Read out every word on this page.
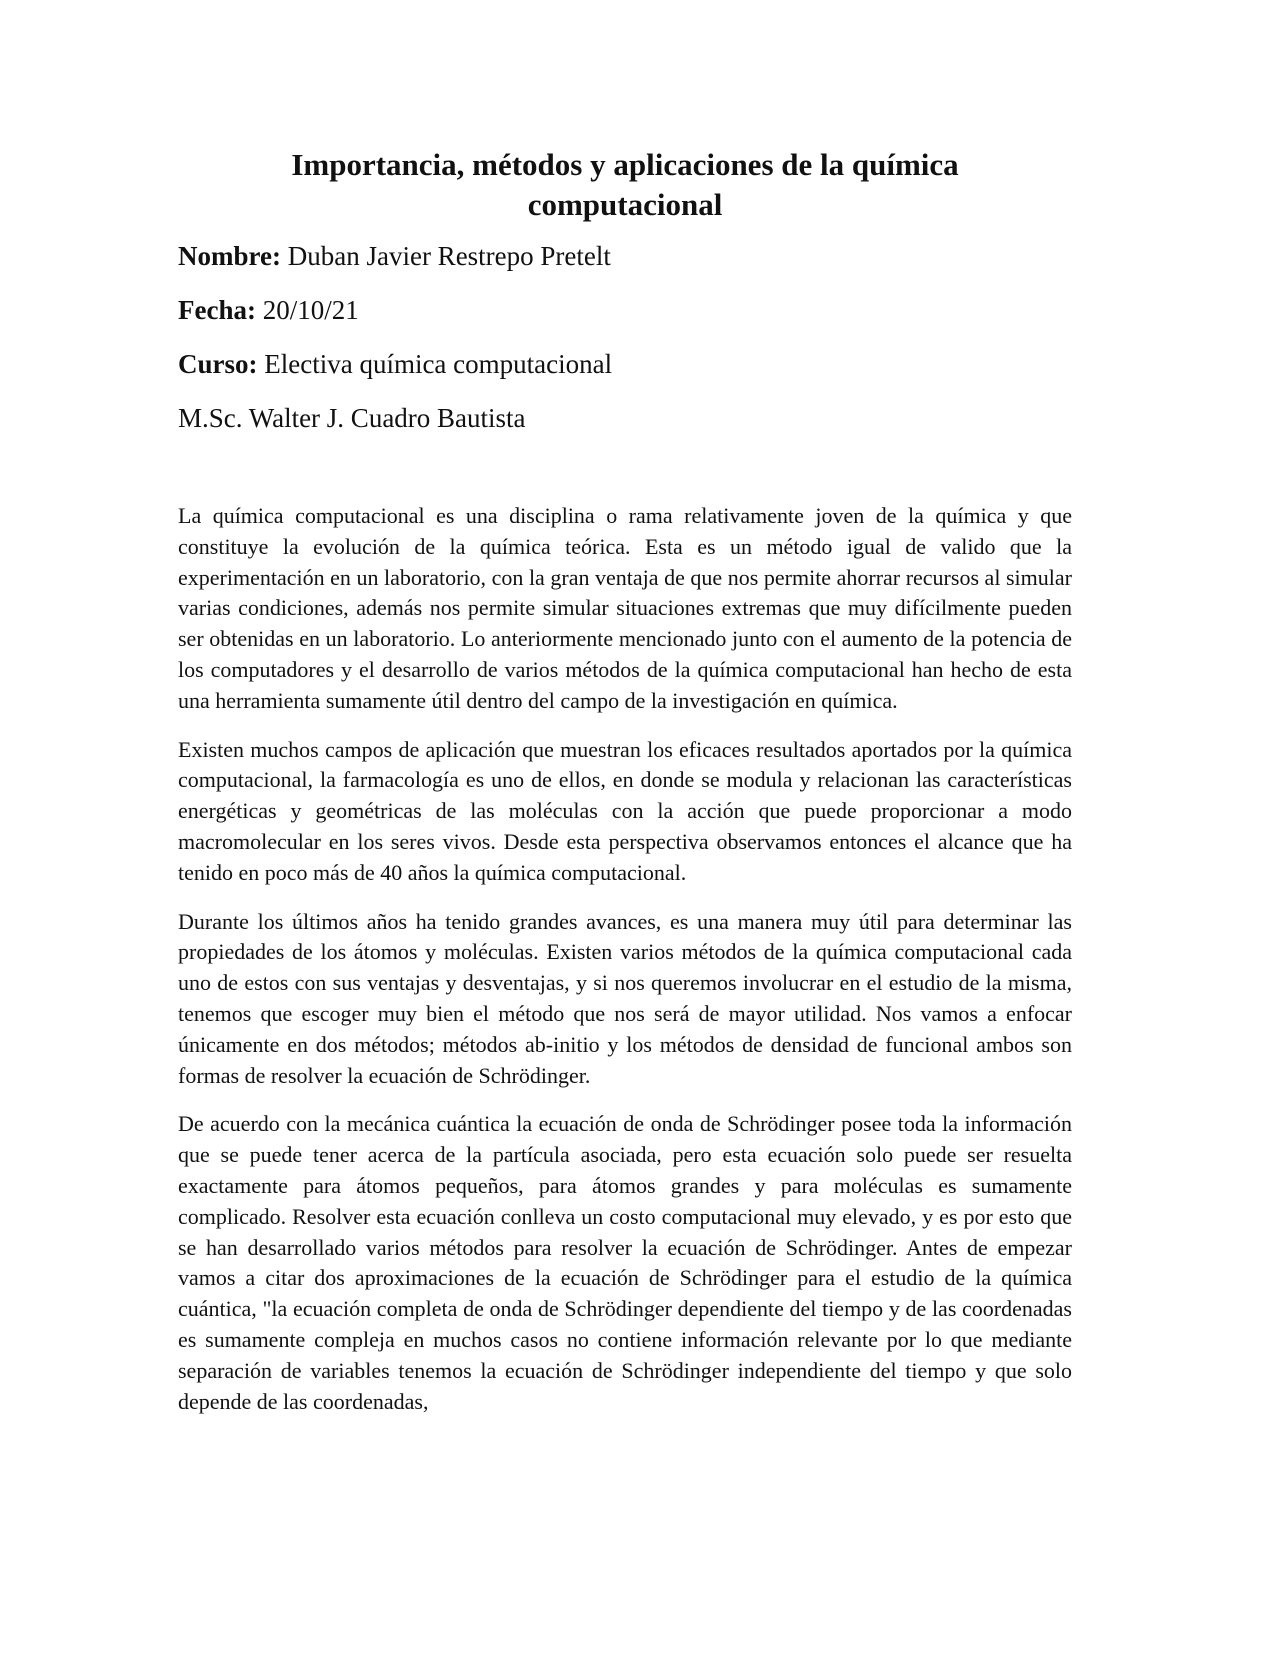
Importancia, métodos y aplicaciones de la química computacional

Nombre: Duban Javier Restrepo Pretelt

Fecha: 20/10/21

Curso: Electiva química computacional

M.Sc. Walter J. Cuadro Bautista

La química computacional es una disciplina o rama relativamente joven de la química y que constituye la evolución de la química teórica. Esta es un método igual de valido que la experimentación en un laboratorio, con la gran ventaja de que nos permite ahorrar recursos al simular varias condiciones, además nos permite simular situaciones extremas que muy difícilmente pueden ser obtenidas en un laboratorio. Lo anteriormente mencionado junto con el aumento de la potencia de los computadores y el desarrollo de varios métodos de la química computacional han hecho de esta una herramienta sumamente útil dentro del campo de la investigación en química.

Existen muchos campos de aplicación que muestran los eficaces resultados aportados por la química computacional, la farmacología es uno de ellos, en donde se modula y relacionan las características energéticas y geométricas de las moléculas con la acción que puede proporcionar a modo macromolecular en los seres vivos. Desde esta perspectiva observamos entonces el alcance que ha tenido en poco más de 40 años la química computacional.

Durante los últimos años ha tenido grandes avances, es una manera muy útil para determinar las propiedades de los átomos y moléculas. Existen varios métodos de la química computacional cada uno de estos con sus ventajas y desventajas, y si nos queremos involucrar en el estudio de la misma, tenemos que escoger muy bien el método que nos será de mayor utilidad. Nos vamos a enfocar únicamente en dos métodos; métodos ab-initio y los métodos de densidad de funcional ambos son formas de resolver la ecuación de Schrödinger.

De acuerdo con la mecánica cuántica la ecuación de onda de Schrödinger posee toda la información que se puede tener acerca de la partícula asociada, pero esta ecuación solo puede ser resuelta exactamente para átomos pequeños, para átomos grandes y para moléculas es sumamente complicado. Resolver esta ecuación conlleva un costo computacional muy elevado, y es por esto que se han desarrollado varios métodos para resolver la ecuación de Schrödinger. Antes de empezar vamos a citar dos aproximaciones de la ecuación de Schrödinger para el estudio de la química cuántica, "la ecuación completa de onda de Schrödinger dependiente del tiempo y de las coordenadas es sumamente compleja en muchos casos no contiene información relevante por lo que mediante separación de variables tenemos la ecuación de Schrödinger independiente del tiempo y que solo depende de las coordenadas,
